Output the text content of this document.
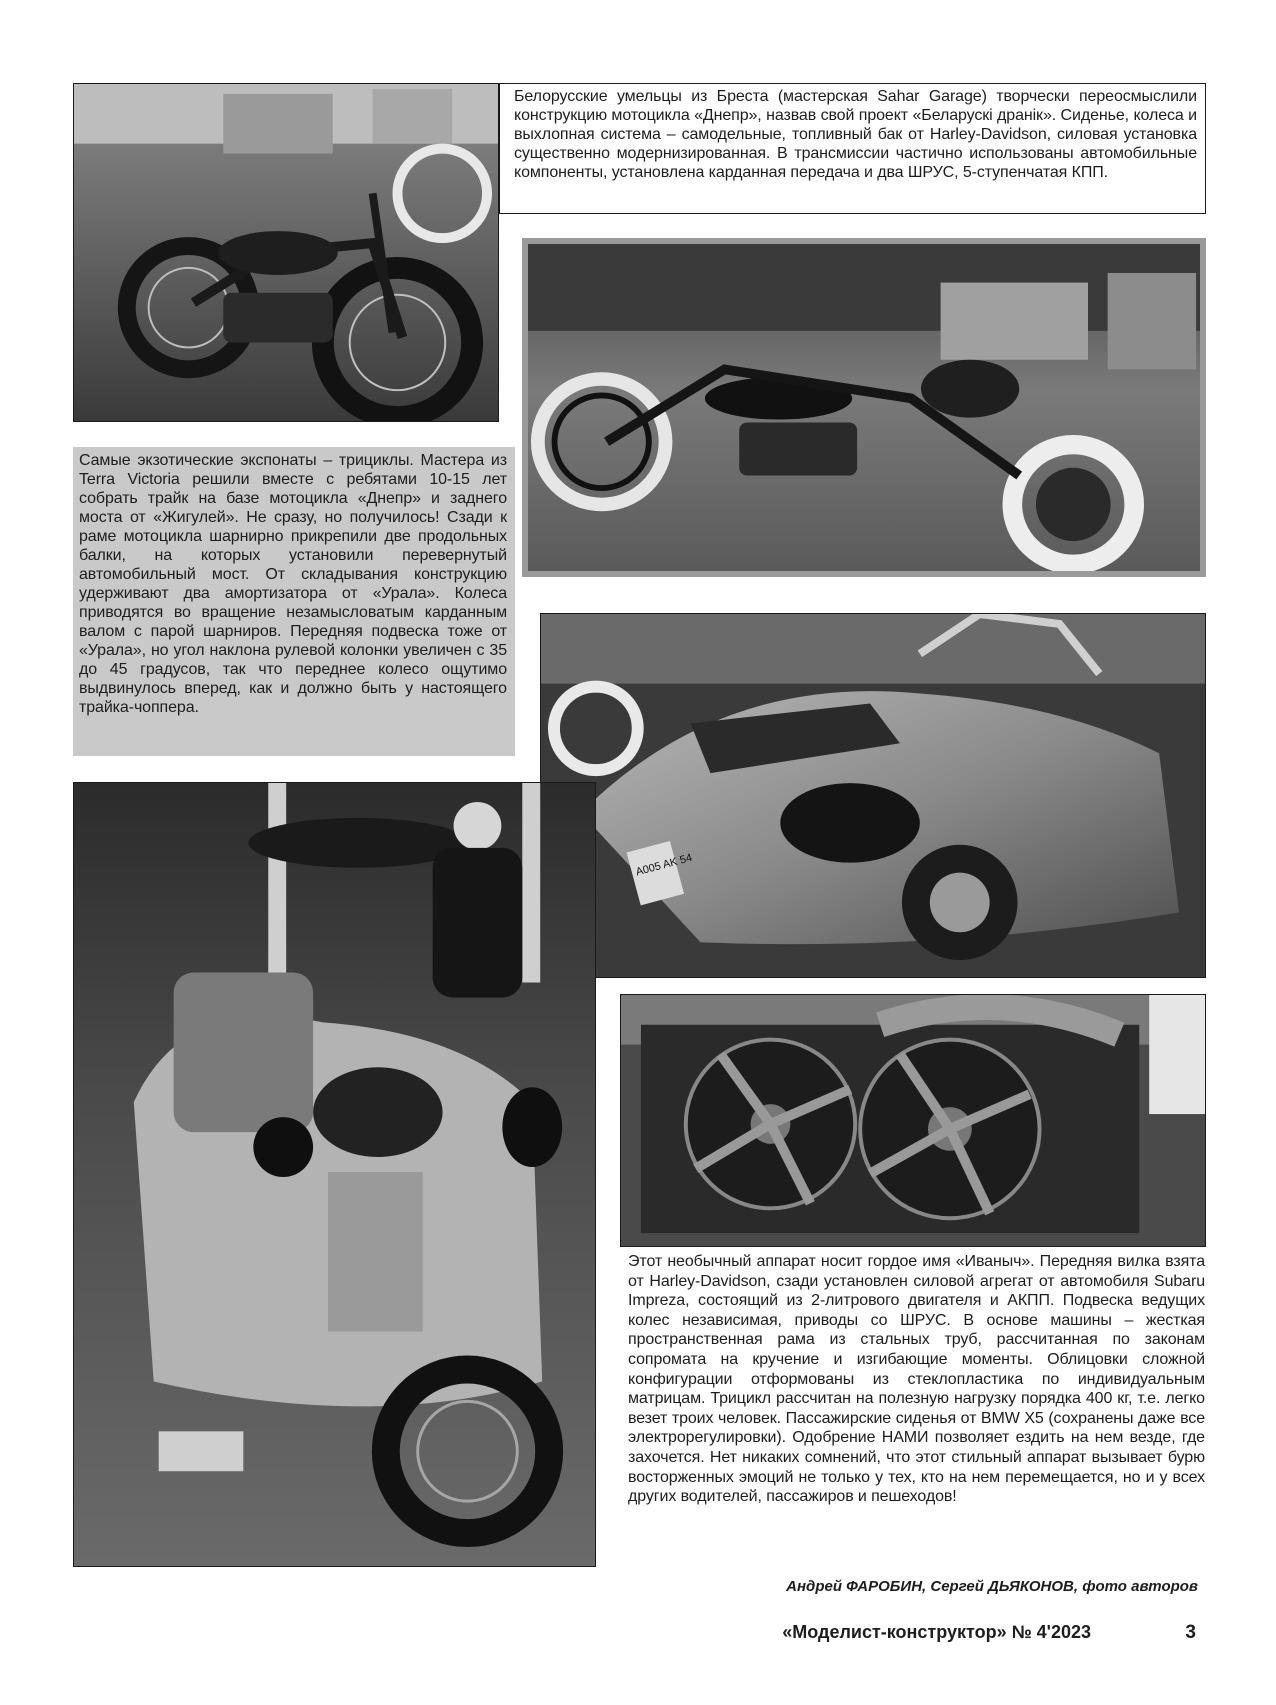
Белорусские умельцы из Бреста (мастерская Sahar Garage) творчески переосмыслили конструкцию мотоцикла «Днепр», назвав свой проект «Беларускі дранік». Сиденье, колеса и выхлопная система – самодельные, топливный бак от Harley-Davidson, силовая установка существенно модернизированная. В трансмиссии частично использованы автомобильные компоненты, установлена карданная передача и два ШРУС, 5-ступенчатая КПП.

Самые экзотические экспонаты – трициклы. Мастера из Terra Victoria решили вместе с ребятами 10-15 лет собрать трайк на базе мотоцикла «Днепр» и заднего моста от «Жигулей». Не сразу, но получилось! Сзади к раме мотоцикла шарнирно прикрепили две продольных балки, на которых установили перевернутый автомобильный мост. От складывания конструкцию удерживают два амортизатора от «Урала». Колеса приводятся во вращение незамысловатым карданным валом с парой шарниров. Передняя подвеска тоже от «Урала», но угол наклона рулевой колонки увеличен с 35 до 45 градусов, так что переднее колесо ощутимо выдвинулось вперед, как и должно быть у настоящего трайка-чоппера.

A005 AK 54

Этот необычный аппарат носит гордое имя «Иваныч». Передняя вилка взята от Harley-Davidson, сзади установлен силовой агрегат от автомобиля Subaru Impreza, состоящий из 2-литрового двигателя и АКПП. Подвеска ведущих колес независимая, приводы со ШРУС. В основе машины – жесткая пространственная рама из стальных труб, рассчитанная по законам сопромата на кручение и изгибающие моменты. Облицовки сложной конфигурации отформованы из стеклопластика по индивидуальным матрицам. Трицикл рассчитан на полезную нагрузку порядка 400 кг, т.е. легко везет троих человек. Пассажирские сиденья от BMW X5 (сохранены даже все электрорегулировки). Одобрение НАМИ позволяет ездить на нем везде, где захочется. Нет никаких сомнений, что этот стильный аппарат вызывает бурю восторженных эмоций не только у тех, кто на нем перемещается, но и у всех других водителей, пассажиров и пешеходов!

Андрей ФАРОБИН, Сергей ДЬЯКОНОВ, фото авторов

«Моделист-конструктор» № 4'2023	3
